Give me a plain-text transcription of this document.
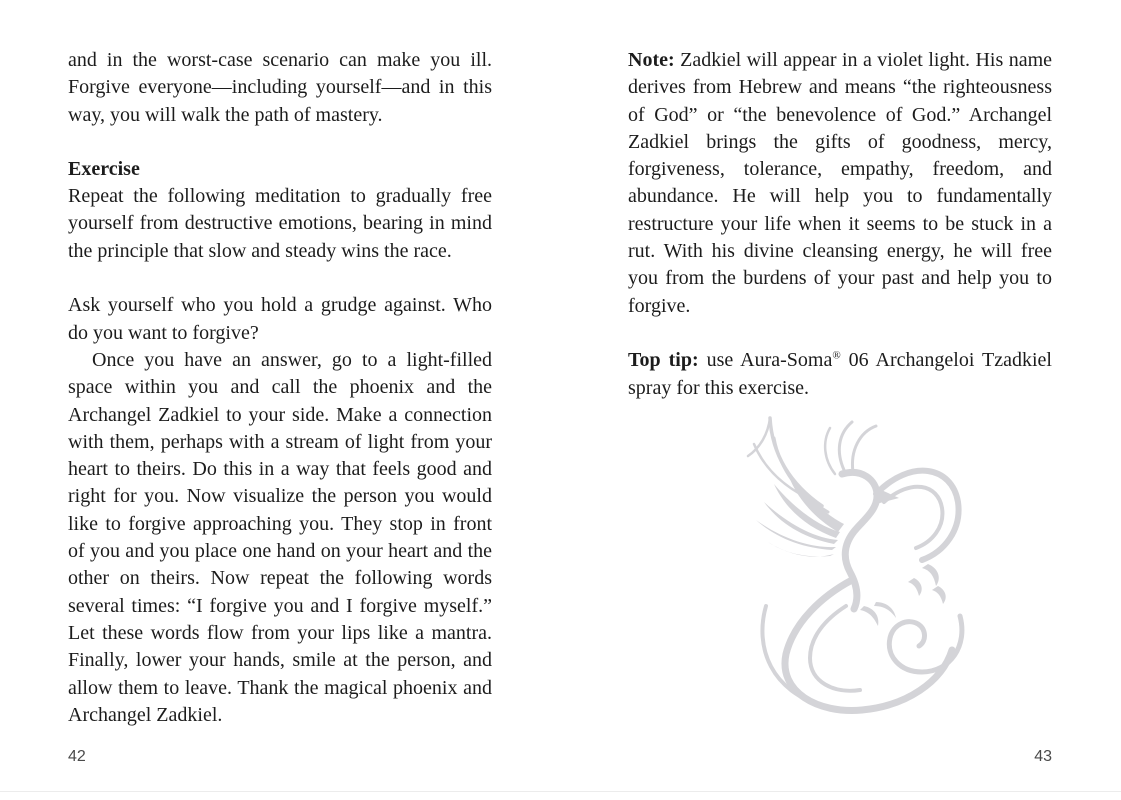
and in the worst-case scenario can make you ill. Forgive everyone—including yourself—and in this way, you will walk the path of mastery.

Exercise

Repeat the following meditation to gradually free yourself from destructive emotions, bearing in mind the principle that slow and steady wins the race.

Ask yourself who you hold a grudge against. Who do you want to forgive?

Once you have an answer, go to a light-filled space within you and call the phoenix and the Archangel Zadkiel to your side. Make a connection with them, perhaps with a stream of light from your heart to theirs. Do this in a way that feels good and right for you. Now visualize the person you would like to forgive approaching you. They stop in front of you and you place one hand on your heart and the other on theirs. Now repeat the following words several times: “I forgive you and I forgive myself.” Let these words flow from your lips like a mantra. Finally, lower your hands, smile at the person, and allow them to leave. Thank the magical phoenix and Archangel Zadkiel.

42

Note: Zadkiel will appear in a violet light. His name derives from Hebrew and means “the righteousness of God” or “the benevolence of God.” Archangel Zadkiel brings the gifts of goodness, mercy, forgiveness, tolerance, empathy, freedom, and abundance. He will help you to fundamentally restructure your life when it seems to be stuck in a rut. With his divine cleansing energy, he will free you from the burdens of your past and help you to forgive.

Top tip: use Aura-Soma® 06 Archangeloi Tzadkiel spray for this exercise.

43
